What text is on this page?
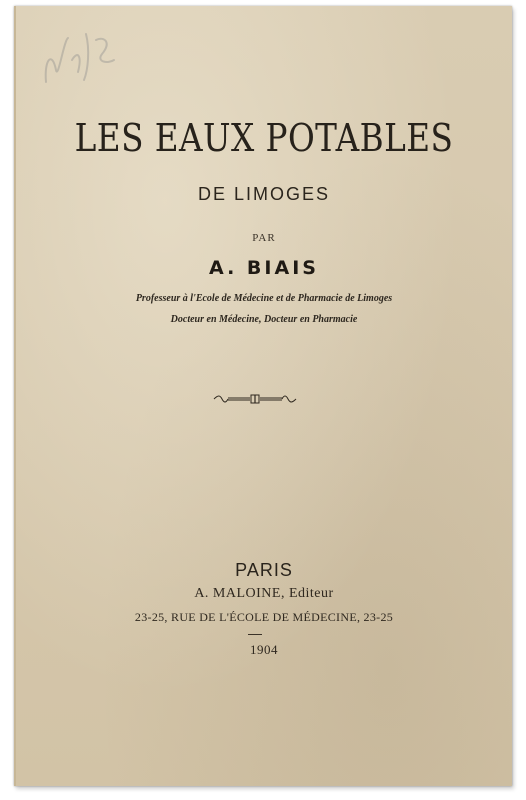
LES EAUX POTABLES
DE LIMOGES
PAR
A. BIAIS
Professeur à l'Ecole de Médecine et de Pharmacie de Limoges
Docteur en Médecine, Docteur en Pharmacie
PARIS
A. MALOINE, Editeur
23-25, RUE DE L'ÉCOLE DE MÉDECINE, 23-25
1904
